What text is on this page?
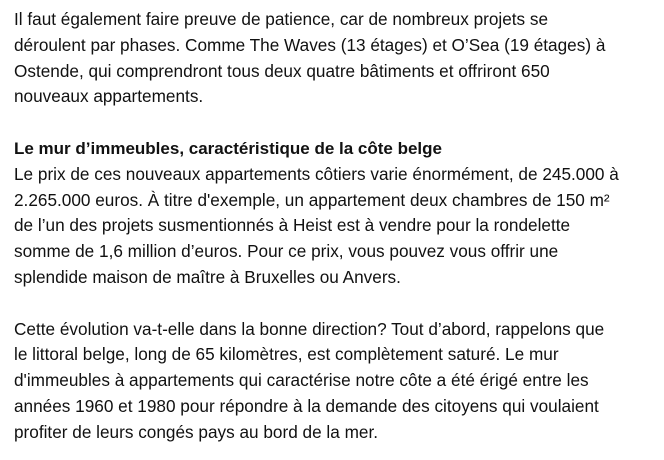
Il faut également faire preuve de patience, car de nombreux projets se
déroulent par phases. Comme The Waves (13 étages) et O’Sea (19 étages) à
Ostende, qui comprendront tous deux quatre bâtiments et offriront 650
nouveaux appartements.

Le mur d’immeubles, caractéristique de la côte belge

Le prix de ces nouveaux appartements côtiers varie énormément, de 245.000 à
2.265.000 euros. À titre d'exemple, un appartement deux chambres de 150 m²
de l’un des projets susmentionnés à Heist est à vendre pour la rondelette
somme de 1,6 million d’euros. Pour ce prix, vous pouvez vous offrir une
splendide maison de maître à Bruxelles ou Anvers.

Cette évolution va-t-elle dans la bonne direction? Tout d’abord, rappelons que
le littoral belge, long de 65 kilomètres, est complètement saturé. Le mur
d'immeubles à appartements qui caractérise notre côte a été érigé entre les
années 1960 et 1980 pour répondre à la demande des citoyens qui voulaient
profiter de leurs congés pays au bord de la mer.
